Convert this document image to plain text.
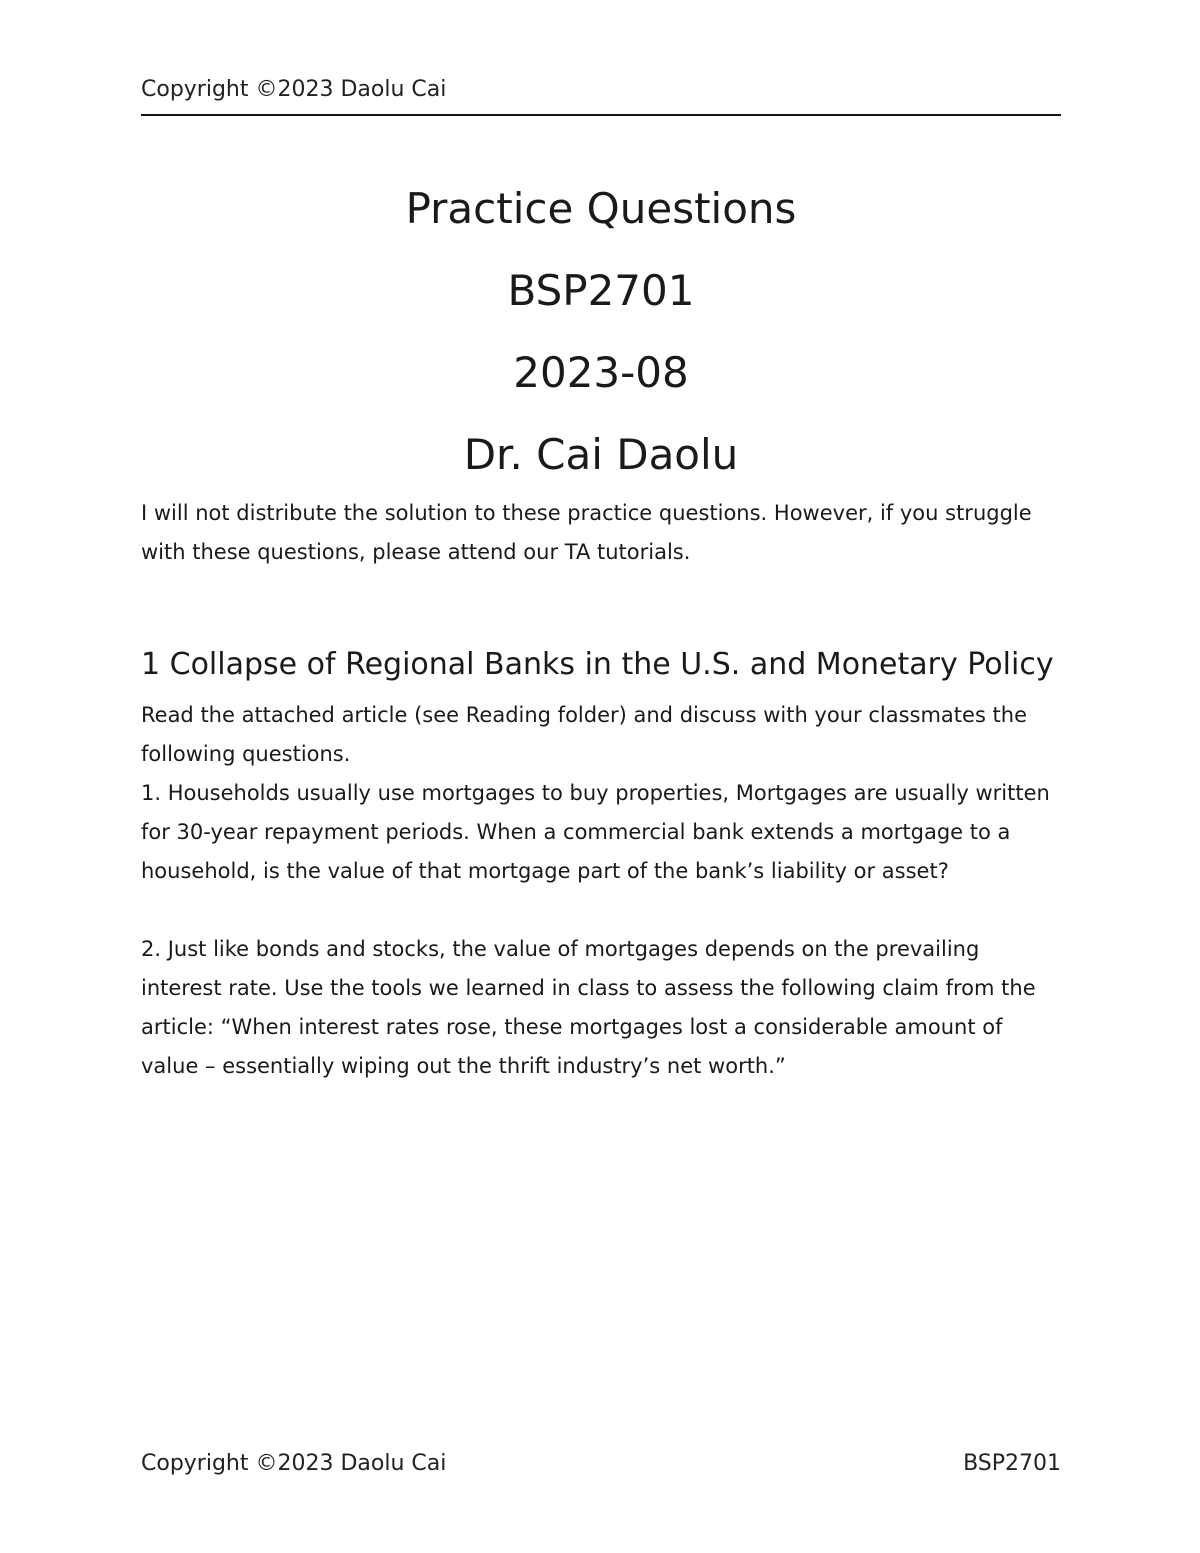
Copyright ©2023 Daolu Cai
Practice Questions
BSP2701
2023-08
Dr. Cai Daolu

I will not distribute the solution to these practice questions. However, if you struggle with these questions, please attend our TA tutorials.

1 Collapse of Regional Banks in the U.S. and Monetary Policy

Read the attached article (see Reading folder) and discuss with your classmates the following questions.

1. Households usually use mortgages to buy properties, Mortgages are usually written for 30-year repayment periods. When a commercial bank extends a mortgage to a household, is the value of that mortgage part of the bank’s liability or asset?

2. Just like bonds and stocks, the value of mortgages depends on the prevailing interest rate. Use the tools we learned in class to assess the following claim from the article: “When interest rates rose, these mortgages lost a considerable amount of value – essentially wiping out the thrift industry’s net worth.”

Copyright ©2023 Daolu Cai	BSP2701
